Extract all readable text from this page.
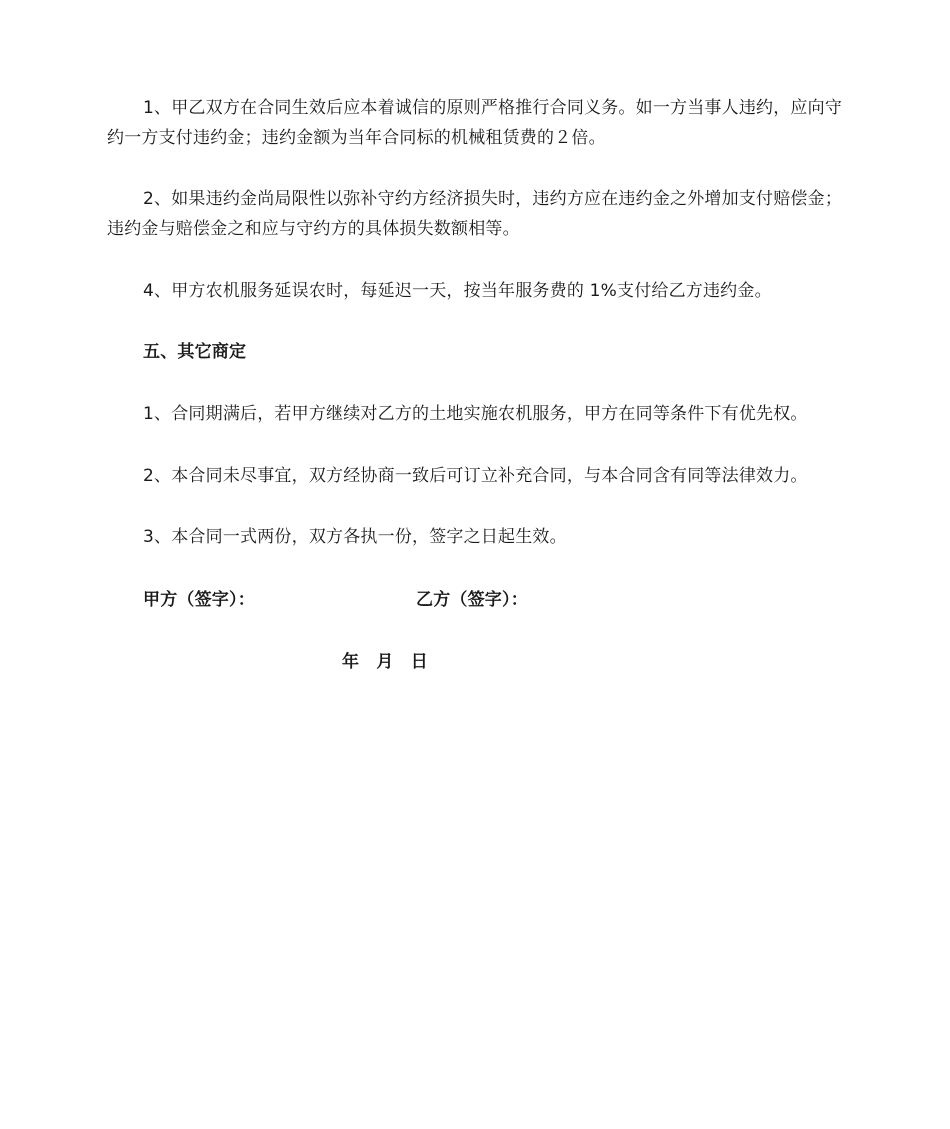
1、甲乙双方在合同生效后应本着诚信的原则严格推行合同义务。如一方当事人违约，应向守约一方支付违约金；违约金额为当年合同标的机械租赁费的２倍。

2、如果违约金尚局限性以弥补守约方经济损失时，违约方应在违约金之外增加支付赔偿金；违约金与赔偿金之和应与守约方的具体损失数额相等。

4、甲方农机服务延误农时，每延迟一天，按当年服务费的 1%支付给乙方违约金。

五、其它商定

1、合同期满后，若甲方继续对乙方的土地实施农机服务，甲方在同等条件下有优先权。

2、本合同未尽事宜，双方经协商一致后可订立补充合同，与本合同含有同等法律效力。

3、本合同一式两份，双方各执一份，签字之日起生效。

甲方（签字）：	乙方（签字）：

年　月　日
